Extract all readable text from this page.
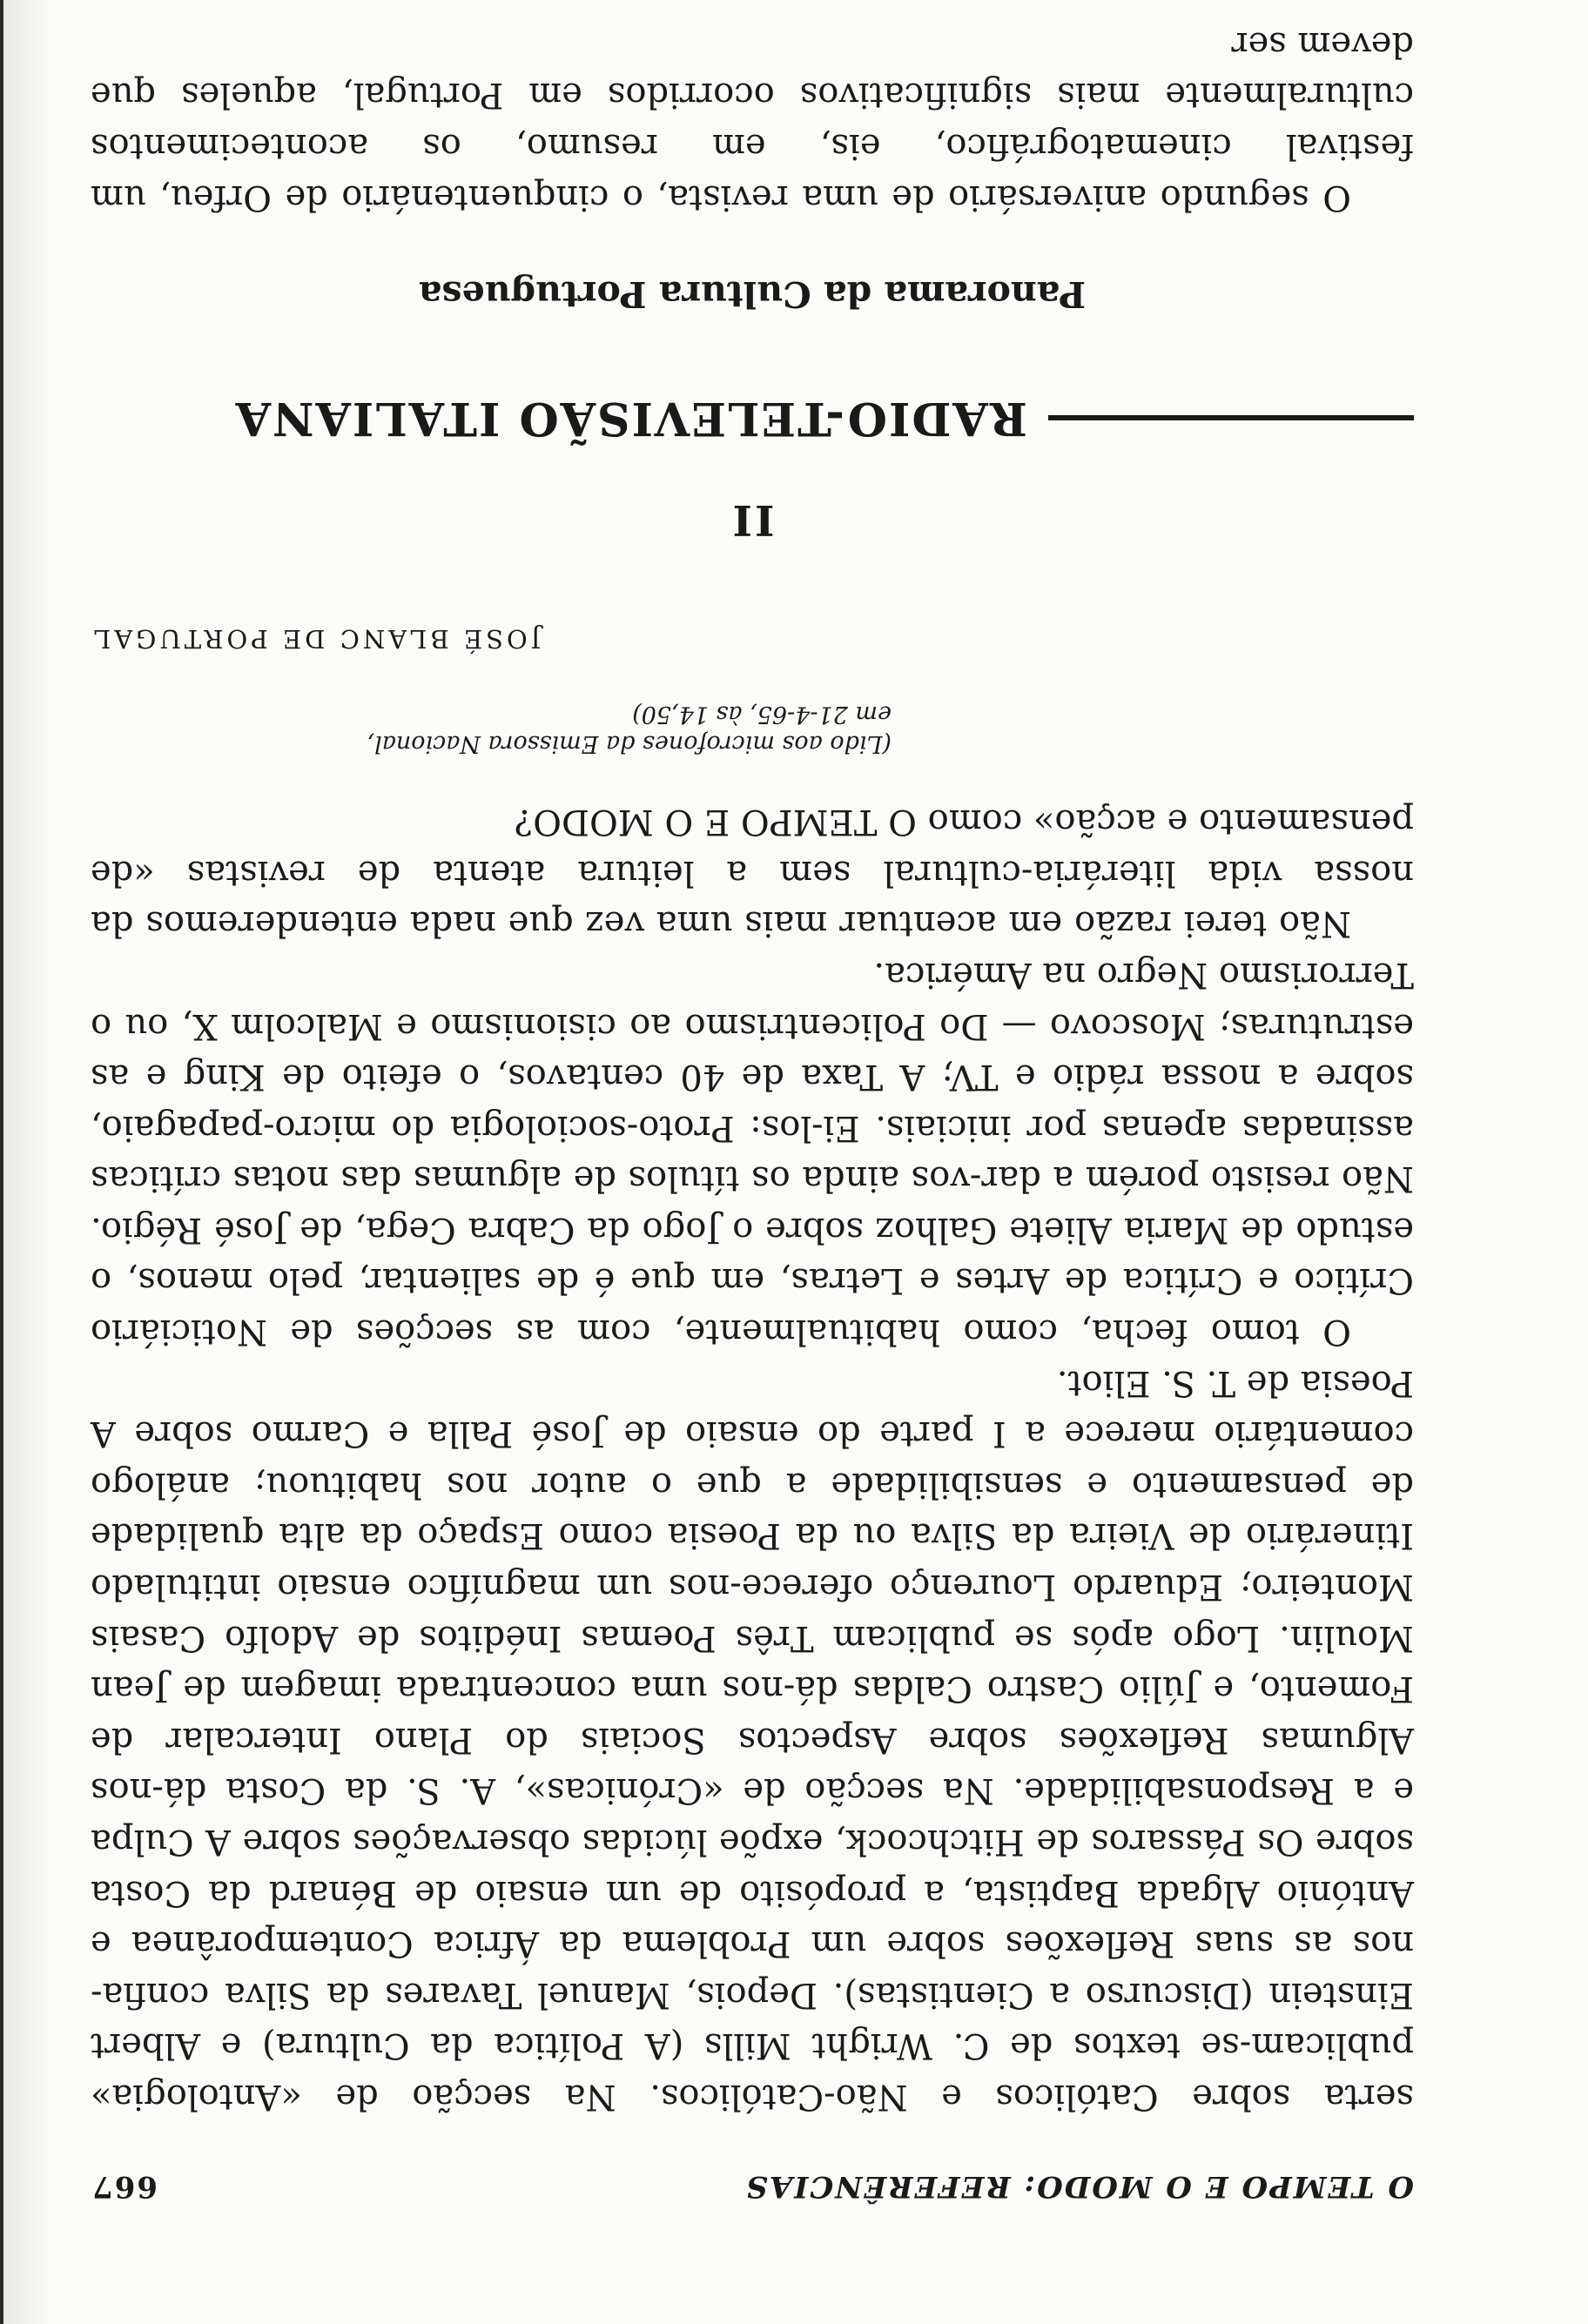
O TEMPO E O MODO: REFERÊNCIAS
667

serta sobre Católicos e Não-Católicos. Na secção de «Antologia» publicam-se textos de C. Wright Mills (A Política da Cultura) e Albert Einstein (Discurso a Cientistas). Depois, Manuel Tavares da Silva confia-nos as suas Reflexões sobre um Problema da África Contemporânea e António Algada Baptista, a propósito de um ensaio de Bénard da Costa sobre Os Pássaros de Hitchcock, expõe lúcidas observações sobre A Culpa e a Responsabilidade. Na secção de «Crónicas», A. S. da Costa dá-nos Algumas Reflexões sobre Aspectos Sociais do Plano Intercalar de Fomento, e Júlio Castro Caldas dá-nos uma concentrada imagem de Jean Moulin. Logo após se publicam Três Poemas Inéditos de Adolfo Casais Monteiro; Eduardo Lourenço oferece-nos um magnífico ensaio intitulado Itinerário de Vieira da Silva ou da Poesia como Espaço da alta qualidade de pensamento e sensibilidade a que o autor nos habituou; análogo comentário merece a I parte do ensaio de José Palla e Carmo sobre A Poesia de T. S. Eliot.

O tomo fecha, como habitualmente, com as secções de Noticiário Crítico e Crítica de Artes e Letras, em que é de salientar, pelo menos, o estudo de Maria Aliete Galhoz sobre o Jogo da Cabra Cega, de José Régio. Não resisto porém a dar-vos ainda os títulos de algumas das notas críticas assinadas apenas por iniciais. Ei-los: Proto-sociologia do micro-papagaio, sobre a nossa rádio e TV; A Taxa de 40 centavos, o efeito de King e as estruturas; Moscovo — Do Policentrismo ao cisionismo e Malcolm X, ou o Terrorismo Negro na América.

Não terei razão em acentuar mais uma vez que nada entenderemos da nossa vida literária-cultural sem a leitura atenta de revistas «de pensamento e acção» como O TEMPO E O MODO?

(Lido aos microfones da Emissora Nacional,
em 21-4-65, às 14,50)
JOSÉ BLANC DE PORTUGAL
II
RADIO-TELEVISÃO ITALIANA
Panorama da Cultura Portuguesa

O segundo aniversário de uma revista, o cinquentenário de Orfeu, um festival cinematográfico, eis, em resumo, os acontecimentos culturalmente mais significativos ocorridos em Portugal, aqueles que devem ser
